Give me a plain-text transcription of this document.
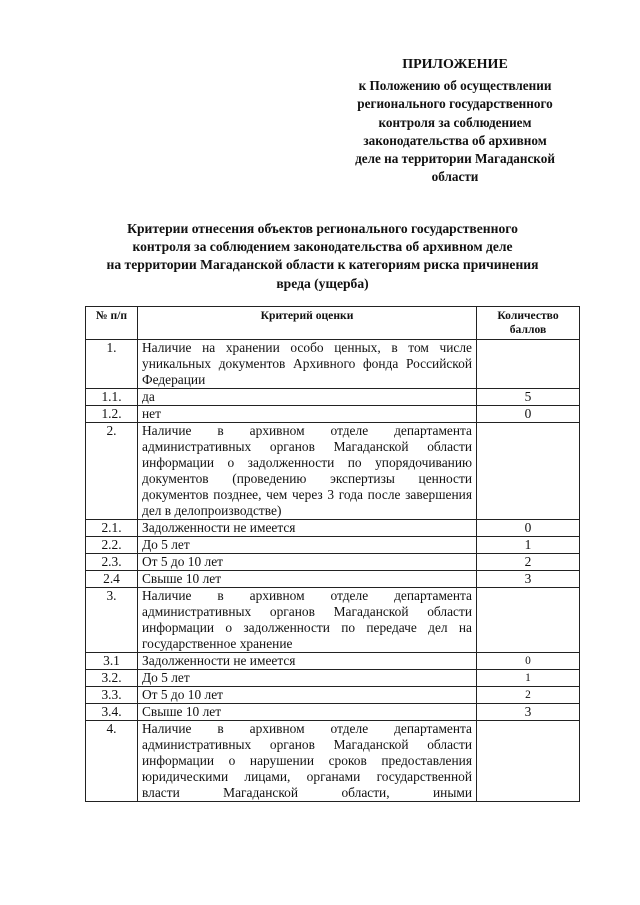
ПРИЛОЖЕНИЕ
к Положению об осуществлении
регионального государственного
контроля за соблюдением
законодательства об архивном
деле на территории Магаданской
области
Критерии отнесения объектов регионального государственного
контроля за соблюдением законодательства об архивном деле
на территории Магаданской области к категориям риска причинения
вреда (ущерба)
№ п/п	Критерий оценки	Количество баллов
1.	Наличие на хранении особо ценных, в том числе уникальных документов Архивного фонда Российской Федерации	
1.1.	да	5
1.2.	нет	0
2.	Наличие в архивном отделе департамента административных органов Магаданской области информации о задолженности по упорядочиванию документов (проведению экспертизы ценности документов позднее, чем через 3 года после завершения дел в делопроизводстве)	
2.1.	Задолженности не имеется	0
2.2.	До 5 лет	1
2.3.	От 5 до 10 лет	2
2.4	Свыше 10 лет	3
3.	Наличие в архивном отделе департамента административных органов Магаданской области информации о задолженности по передаче дел на государственное хранение	
3.1	Задолженности не имеется	0
3.2.	До 5 лет	1
3.3.	От 5 до 10 лет	2
3.4.	Свыше 10 лет	3
4.	Наличие в архивном отделе департамента административных органов Магаданской области информации о нарушении сроков предоставления юридическими лицами, органами государственной власти Магаданской области, иными	
